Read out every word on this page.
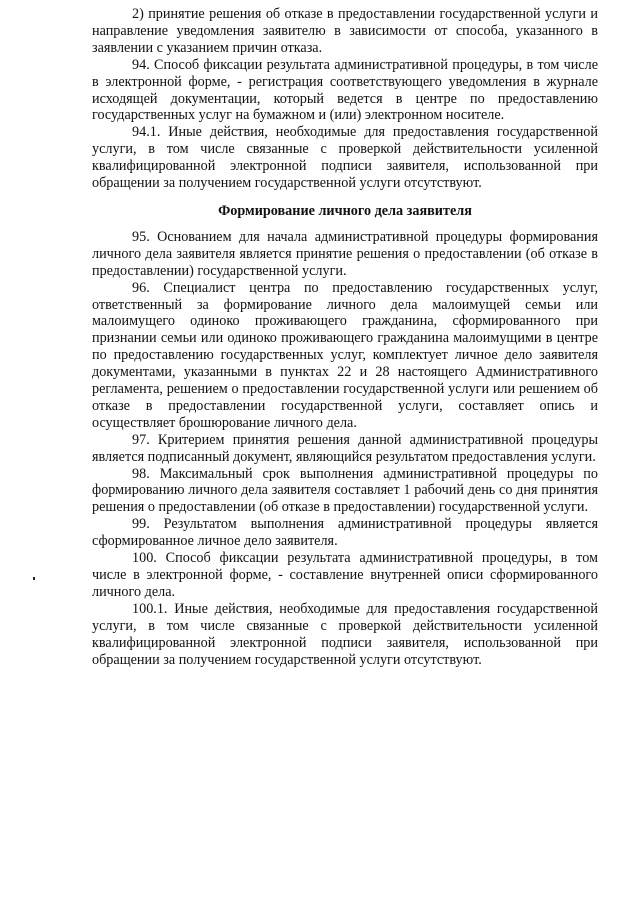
2) принятие решения об отказе в предоставлении государственной услуги и направление уведомления заявителю в зависимости от способа, указанного в заявлении с указанием причин отказа.

94. Способ фиксации результата административной процедуры, в том числе в электронной форме, - регистрация соответствующего уведомления в журнале исходящей документации, который ведется в центре по предоставлению государственных услуг на бумажном и (или) электронном носителе.

94.1. Иные действия, необходимые для предоставления государственной услуги, в том числе связанные с проверкой действительности усиленной квалифицированной электронной подписи заявителя, использованной при обращении за получением государственной услуги отсутствуют.

Формирование личного дела заявителя

95. Основанием для начала административной процедуры формирования личного дела заявителя является принятие решения о предоставлении (об отказе в предоставлении) государственной услуги.

96. Специалист центра по предоставлению государственных услуг, ответственный за формирование личного дела малоимущей семьи или малоимущего одиноко проживающего гражданина, сформированного при признании семьи или одиноко проживающего гражданина малоимущими в центре по предоставлению государственных услуг, комплектует личное дело заявителя документами, указанными в пунктах 22 и 28 настоящего Административного регламента, решением о предоставлении государственной услуги или решением об отказе в предоставлении государственной услуги, составляет опись и осуществляет брошюрование личного дела.

97. Критерием принятия решения данной административной процедуры является подписанный документ, являющийся результатом предоставления услуги.

98. Максимальный срок выполнения административной процедуры по формированию личного дела заявителя составляет 1 рабочий день со дня принятия решения о предоставлении (об отказе в предоставлении) государственной услуги.

99. Результатом выполнения административной процедуры является сформированное личное дело заявителя.

100. Способ фиксации результата административной процедуры, в том числе в электронной форме, - составление внутренней описи сформированного личного дела.

100.1. Иные действия, необходимые для предоставления государственной услуги, в том числе связанные с проверкой действительности усиленной квалифицированной электронной подписи заявителя, использованной при обращении за получением государственной услуги отсутствуют.
